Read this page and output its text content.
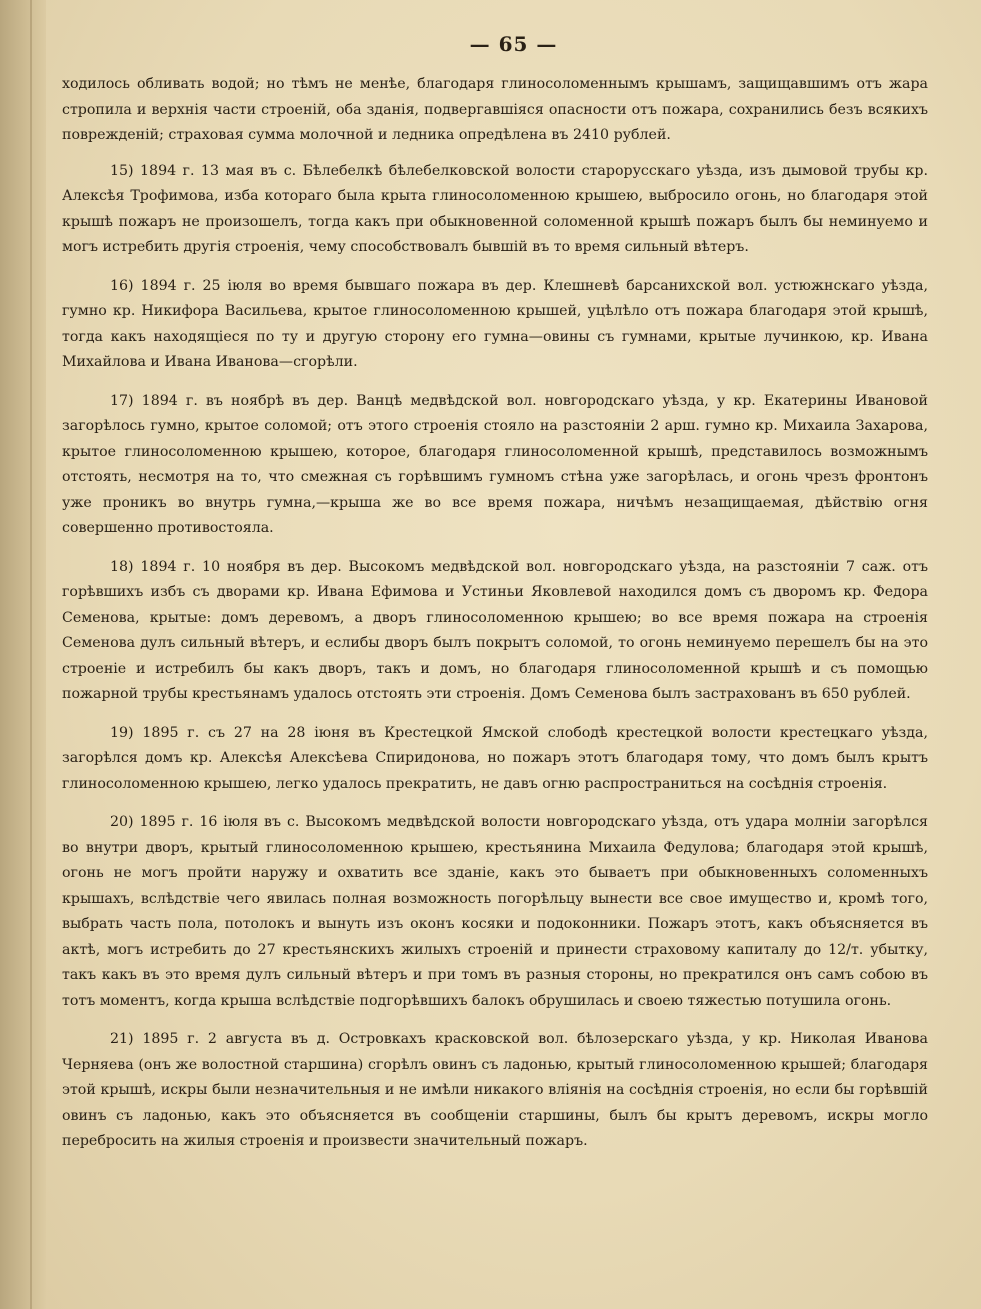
— 65 —

ходилось обливать водой; но тѣмъ не менѣе, благодаря глиносоломеннымъ крышамъ, защищавшимъ отъ жара стропила и верхнія части строеній, оба зданія, подвергавшіяся опасности отъ пожара, сохранились безъ всякихъ поврежденій; страховая сумма молочной и ледника опредѣлена въ 2410 рублей.

15) 1894 г. 13 мая въ с. Бѣлебелкѣ бѣлебелковской волости старорусскаго уѣзда, изъ дымовой трубы кр. Алексѣя Трофимова, изба котораго была крыта глиносоломенною крышею, выбросило огонь, но благодаря этой крышѣ пожаръ не произошелъ, тогда какъ при обыкновенной соломенной крышѣ пожаръ былъ бы неминуемо и могъ истребить другія строенія, чему способствовалъ бывшій въ то время сильный вѣтеръ.

16) 1894 г. 25 іюля во время бывшаго пожара въ дер. Клешневѣ барсанихской вол. устюжнскаго уѣзда, гумно кр. Никифора Васильева, крытое глиносоломенною крышей, уцѣлѣло отъ пожара благодаря этой крышѣ, тогда какъ находящіеся по ту и другую сторону его гумна—овины съ гумнами, крытые лучинкою, кр. Ивана Михайлова и Ивана Иванова—сгорѣли.

17) 1894 г. въ ноябрѣ въ дер. Ванцѣ медвѣдской вол. новгородскаго уѣзда, у кр. Екатерины Ивановой загорѣлось гумно, крытое соломой; отъ этого строенія стояло на разстояніи 2 арш. гумно кр. Михаила Захарова, крытое глиносоломенною крышею, которое, благодаря глиносоломенной крышѣ, представилось возможнымъ отстоять, несмотря на то, что смежная съ горѣвшимъ гумномъ стѣна уже загорѣлась, и огонь чрезъ фронтонъ уже проникъ во внутрь гумна,—крыша же во все время пожара, ничѣмъ незащищаемая, дѣйствію огня совершенно противостояла.

18) 1894 г. 10 ноября въ дер. Высокомъ медвѣдской вол. новгородскаго уѣзда, на разстояніи 7 саж. отъ горѣвшихъ избъ съ дворами кр. Ивана Ефимова и Устиньи Яковлевой находился домъ съ дворомъ кр. Федора Семенова, крытые: домъ деревомъ, а дворъ глиносоломенною крышею; во все время пожара на строенія Семенова дулъ сильный вѣтеръ, и еслибы дворъ былъ покрытъ соломой, то огонь неминуемо перешелъ бы на это строеніе и истребилъ бы какъ дворъ, такъ и домъ, но благодаря глиносоломенной крышѣ и съ помощью пожарной трубы крестьянамъ удалось отстоять эти строенія. Домъ Семенова былъ застрахованъ въ 650 рублей.

19) 1895 г. съ 27 на 28 іюня въ Крестецкой Ямской слободѣ крестецкой волости крестецкаго уѣзда, загорѣлся домъ кр. Алексѣя Алексѣева Спиридонова, но пожаръ этотъ благодаря тому, что домъ былъ крытъ глиносоломенною крышею, легко удалось прекратить, не давъ огню распространиться на сосѣднія строенія.

20) 1895 г. 16 іюля въ с. Высокомъ медвѣдской волости новгородскаго уѣзда, отъ удара молніи загорѣлся во внутри дворъ, крытый глиносоломенною крышею, крестьянина Михаила Федулова; благодаря этой крышѣ, огонь не могъ пройти наружу и охватить все зданіе, какъ это бываетъ при обыкновенныхъ соломенныхъ крышахъ, вслѣдствіе чего явилась полная возможность погорѣльцу вынести все свое имущество и, кромѣ того, выбрать часть пола, потолокъ и вынуть изъ оконъ косяки и подоконники. Пожаръ этотъ, какъ объясняется въ актѣ, могъ истребить до 27 крестьянскихъ жилыхъ строеній и принести страховому капиталу до 12/т. убытку, такъ какъ въ это время дулъ сильный вѣтеръ и при томъ въ разныя стороны, но прекратился онъ самъ собою въ тотъ моментъ, когда крыша вслѣдствіе подгорѣвшихъ балокъ обрушилась и своею тяжестью потушила огонь.

21) 1895 г. 2 августа въ д. Островкахъ красковской вол. бѣлозерскаго уѣзда, у кр. Николая Иванова Черняева (онъ же волостной старшина) сгорѣлъ овинъ съ ладонью, крытый глиносоломенною крышей; благодаря этой крышѣ, искры были незначительныя и не имѣли никакого вліянія на сосѣднія строенія, но если бы горѣвшій овинъ съ ладонью, какъ это объясняется въ сообщеніи старшины, былъ бы крытъ деревомъ, искры могло перебросить на жилыя строенія и произвести значительный пожаръ.
